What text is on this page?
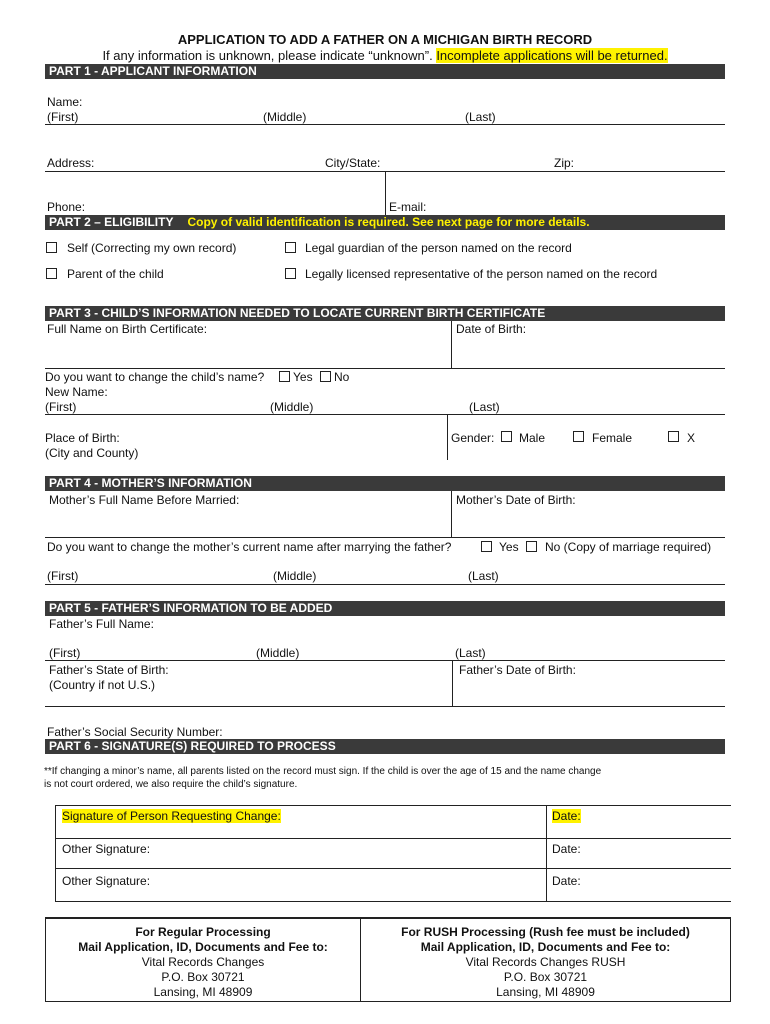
APPLICATION TO ADD A FATHER ON A MICHIGAN BIRTH RECORD
If any information is unknown, please indicate “unknown”. Incomplete applications will be returned.
PART 1 - APPLICANT INFORMATION
Name:
(First)	(Middle)	(Last)
Address:	City/State:	Zip:
Phone:	E-mail:
PART 2 – ELIGIBILITY Copy of valid identification is required. See next page for more details.
Self (Correcting my own record)	Legal guardian of the person named on the record
Parent of the child	Legally licensed representative of the person named on the record
PART 3 - CHILD’S INFORMATION NEEDED TO LOCATE CURRENT BIRTH CERTIFICATE
Full Name on Birth Certificate:	Date of Birth:
Do you want to change the child’s name? Yes No
New Name:
(First)	(Middle)	(Last)
Place of Birth:
(City and County)
Gender: Male	Female	X
PART 4 - MOTHER’S INFORMATION
Mother’s Full Name Before Married:	Mother’s Date of Birth:
Do you want to change the mother’s current name after marrying the father?	Yes No (Copy of marriage required)
(First)	(Middle)	(Last)
PART 5 - FATHER’S INFORMATION TO BE ADDED
Father’s Full Name:
(First)	(Middle)	(Last)
Father’s State of Birth:
(Country if not U.S.)
Father’s Date of Birth:
Father’s Social Security Number:
PART 6 - SIGNATURE(S) REQUIRED TO PROCESS
**If changing a minor’s name, all parents listed on the record must sign. If the child is over the age of 15 and the name change
is not court ordered, we also require the child’s signature.
Signature of Person Requesting Change:	Date:
Other Signature:	Date:
Other Signature:	Date:
For Regular Processing
Mail Application, ID, Documents and Fee to:
Vital Records Changes
P.O. Box 30721
Lansing, MI 48909
For RUSH Processing (Rush fee must be included)
Mail Application, ID, Documents and Fee to:
Vital Records Changes RUSH
P.O. Box 30721
Lansing, MI 48909
